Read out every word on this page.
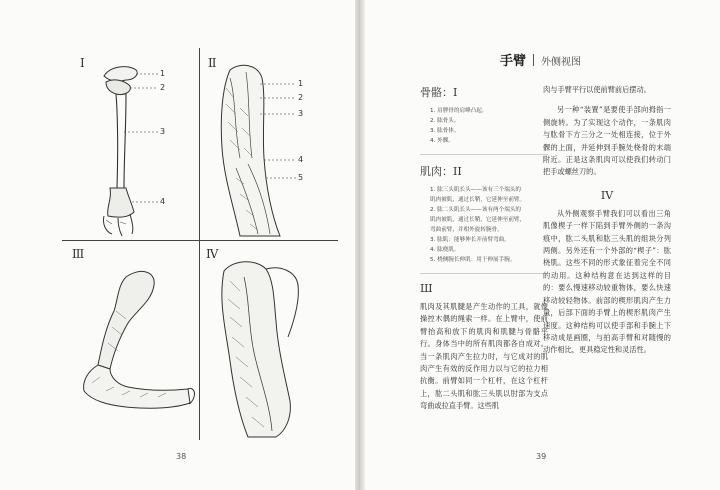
I
1
2
3
4
II
1
2
3
4
5
III	IV
38
手臂 外侧视图
骨骼：I
1. 肩胛骨的肩峰凸起。
2. 肱骨头。
3. 肱骨体。
4. 外髁。
肌肉：II
1. 肱三头肌长头——该有三个端头的
肌肉被肌，通过长鞘，它延伸至前臂。
2. 肱二头肌长头——该有两个端头的
肌肉被肌，通过长鞘，它延伸至前臂，
弯曲前臂，并相外旋转腕骨。
3. 肱肌：能够伸长并前臂弯曲。
4. 肱桡肌。
5. 桡侧腕长伸肌：用于伸展手腕。
Ш

肌肉及其肌腱是产生动作的工具，就像操控木偶的绳索一样。在上臂中，使前臂抬高和放下的肌肉和肌腱与骨骼平行。身体当中的所有肌肉都各自成对。当一条肌肉产生拉力时，与它成对的肌肉产生有效的反作用力以与它的拉力相抗衡。前臂如同一个杠杆，在这个杠杆上，肱二头肌和肱三头肌以肘部为支点弯曲或拉直手臂。这些肌

肉与手臂平行以使前臂前后摆动。

另一种“装置”是要使手部向拇指一侧旋转。为了实现这个动作，一条肌肉与肱骨下方三分之一处相连接，位于外髁的上面，并延伸到手腕处桡骨的末端附近。正是这条肌肉可以使我们转动门把手或螺丝刀的。

IV

从外侧观察手臂我们可以看出三角肌像楔子一样下陷到手臂外侧的一条沟痕中，肱二头肌和肱三头肌的组块分列两侧。另外还有一个外部的“楔子”：肱桡肌。这些不同的形式象征着完全不同的动用。这种结构意在达到这样的目的：要么慢速移动较重物体，要么快速移动较轻物体。前部的楔形肌肉产生力量，后部下面的手臂上的楔形肌肉产生速度。这种结构可以使手部和手腕上下移动成是画圈，与拍高手臂和对随慢的动作相比，更具稳定性和灵活性。

39
